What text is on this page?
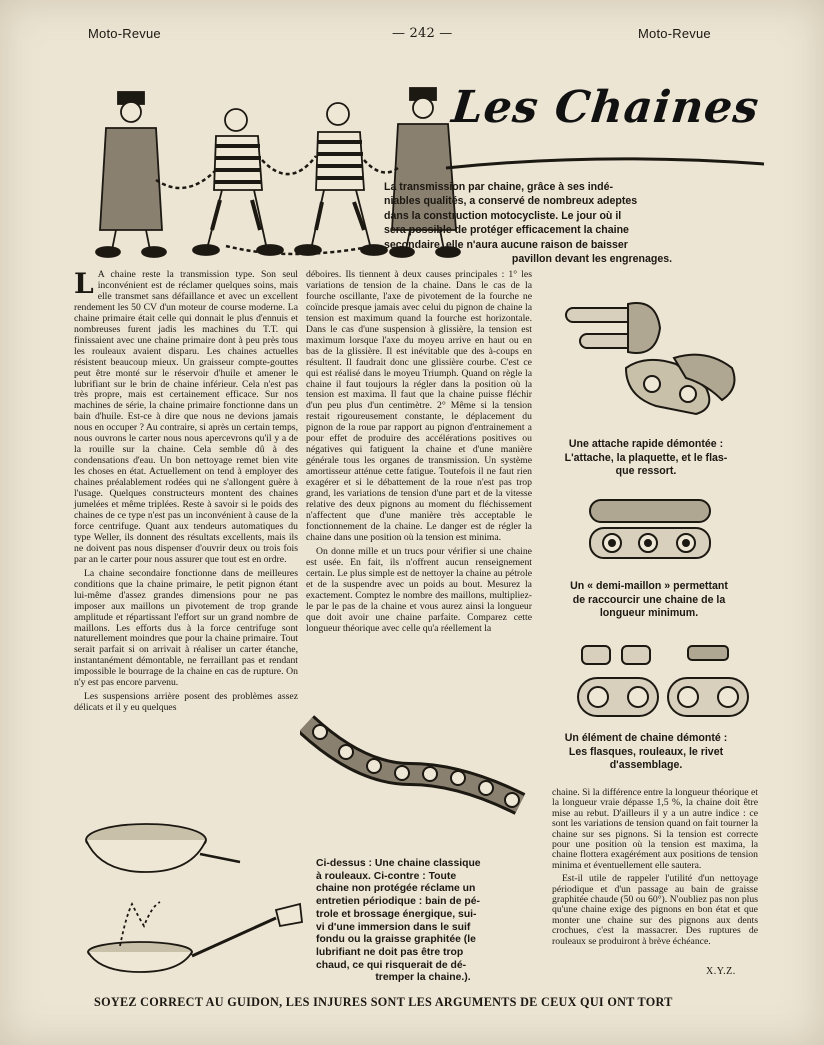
Moto-Revue	— 242 —	Moto-Revue
Les Chaines
La transmission par chaine, grâce à ses indé-
niables qualités, a conservé de nombreux adeptes
dans la construction motocycliste. Le jour où il
sera possible de protéger efficacement la chaine
secondaire, elle n'aura aucune raison de baisser
pavillon devant les engrenages.

L A chaine reste la transmission type. Son seul inconvénient est de réclamer quelques soins, mais elle transmet sans défaillance et avec un excellent rendement les 50 CV d'un moteur de course moderne. La chaine primaire était celle qui donnait le plus d'ennuis et nombreuses furent jadis les machines du T.T. qui finissaient avec une chaine primaire dont à peu près tous les rouleaux avaient disparu. Les chaines actuelles résistent beaucoup mieux. Un graisseur compte-gouttes peut être monté sur le réservoir d'huile et amener le lubrifiant sur le brin de chaine inférieur. Cela n'est pas très propre, mais est certainement efficace. Sur nos machines de série, la chaine primaire fonctionne dans un bain d'huile. Est-ce à dire que nous ne devions jamais nous en occuper ? Au contraire, si après un certain temps, nous ouvrons le carter nous nous apercevrons qu'il y a de la rouille sur la chaine. Cela semble dû à des condensations d'eau. Un bon nettoyage remet bien vite les choses en état. Actuellement on tend à employer des chaines préalablement rodées qui ne s'allongent guère à l'usage. Quelques constructeurs montent des chaines jumelées et même triplées. Reste à savoir si le poids des chaines de ce type n'est pas un inconvénient à cause de la force centrifuge. Quant aux tendeurs automatiques du type Weller, ils donnent des résultats excellents, mais ils ne doivent pas nous dispenser d'ouvrir deux ou trois fois par an le carter pour nous assurer que tout est en ordre.

La chaine secondaire fonctionne dans de meilleures conditions que la chaine primaire, le petit pignon étant lui-même d'assez grandes dimensions pour ne pas imposer aux maillons un pivotement de trop grande amplitude et répartissant l'effort sur un grand nombre de maillons. Les efforts dus à la force centrifuge sont naturellement moindres que pour la chaine primaire. Tout serait parfait si on arrivait à réaliser un carter étanche, instantanément démontable, ne ferraillant pas et rendant impossible le bourrage de la chaine en cas de rupture. On n'y est pas encore parvenu.

Les suspensions arrière posent des problèmes assez délicats et il y eu quelques

déboires. Ils tiennent à deux causes principales : 1° les variations de tension de la chaine. Dans le cas de la fourche oscillante, l'axe de pivotement de la fourche ne coïncide presque jamais avec celui du pignon de chaine la tension est maximum quand la fourche est horizontale. Dans le cas d'une suspension à glissière, la tension est maximum lorsque l'axe du moyeu arrive en haut ou en bas de la glissière. Il est inévitable que des à-coups en résultent. Il faudrait donc une glissière courbe. C'est ce qui est réalisé dans le moyeu Triumph. Quand on règle la chaine il faut toujours la régler dans la position où la tension est maxima. Il faut que la chaine puisse fléchir d'un peu plus d'un centimètre. 2° Même si la tension restait rigoureusement constante, le déplacement du pignon de la roue par rapport au pignon d'entrainement a pour effet de produire des accélérations positives ou négatives qui fatiguent la chaine et d'une manière générale tous les organes de transmission. Un système amortisseur atténue cette fatigue. Toutefois il ne faut rien exagérer et si le débattement de la roue n'est pas trop grand, les variations de tension d'une part et de la vitesse relative des deux pignons au moment du fléchissement n'affectent que d'une manière très acceptable le fonctionnement de la chaine. Le danger est de régler la chaine dans une position où la tension est minima.

On donne mille et un trucs pour vérifier si une chaine est usée. En fait, ils n'offrent aucun renseignement certain. Le plus simple est de nettoyer la chaine au pétrole et de la suspendre avec un poids au bout. Mesurez la exactement. Comptez le nombre des maillons, multipliez-le par le pas de la chaine et vous aurez ainsi la longueur que doit avoir une chaine parfaite. Comparez cette longueur théorique avec celle qu'a réellement la

Une attache rapide démontée :
L'attache, la plaquette, et le flas-
que ressort.
Un « demi-maillon » permettant
de raccourcir une chaine de la
longueur minimum.
Un élément de chaine démonté :
Les flasques, rouleaux, le rivet
d'assemblage.
Ci-dessus : Une chaine classique
à rouleaux. Ci-contre : Toute
chaine non protégée réclame un
entretien périodique : bain de pé-
trole et brossage énergique, sui-
vi d'une immersion dans le suif
fondu ou la graisse graphitée (le
lubrifiant ne doit pas être trop
chaud, ce qui risquerait de dé-
tremper la chaine.).

chaine. Si la différence entre la longueur théorique et la longueur vraie dépasse 1,5 %, la chaine doit être mise au rebut. D'ailleurs il y a un autre indice : ce sont les variations de tension quand on fait tourner la chaine sur ses pignons. Si la tension est correcte pour une position où la tension est maxima, la chaine flottera exagérément aux positions de tension minima et éventuellement elle sautera.

Est-il utile de rappeler l'utilité d'un nettoyage périodique et d'un passage au bain de graisse graphitée chaude (50 ou 60°). N'oubliez pas non plus qu'une chaine exige des pignons en bon état et que monter une chaine sur des pignons aux dents crochues, c'est la massacrer. Des ruptures de rouleaux se produiront à brève échéance.

X.Y.Z.
SOYEZ CORRECT AU GUIDON, LES INJURES SONT LES ARGUMENTS DE CEUX QUI ONT TORT
